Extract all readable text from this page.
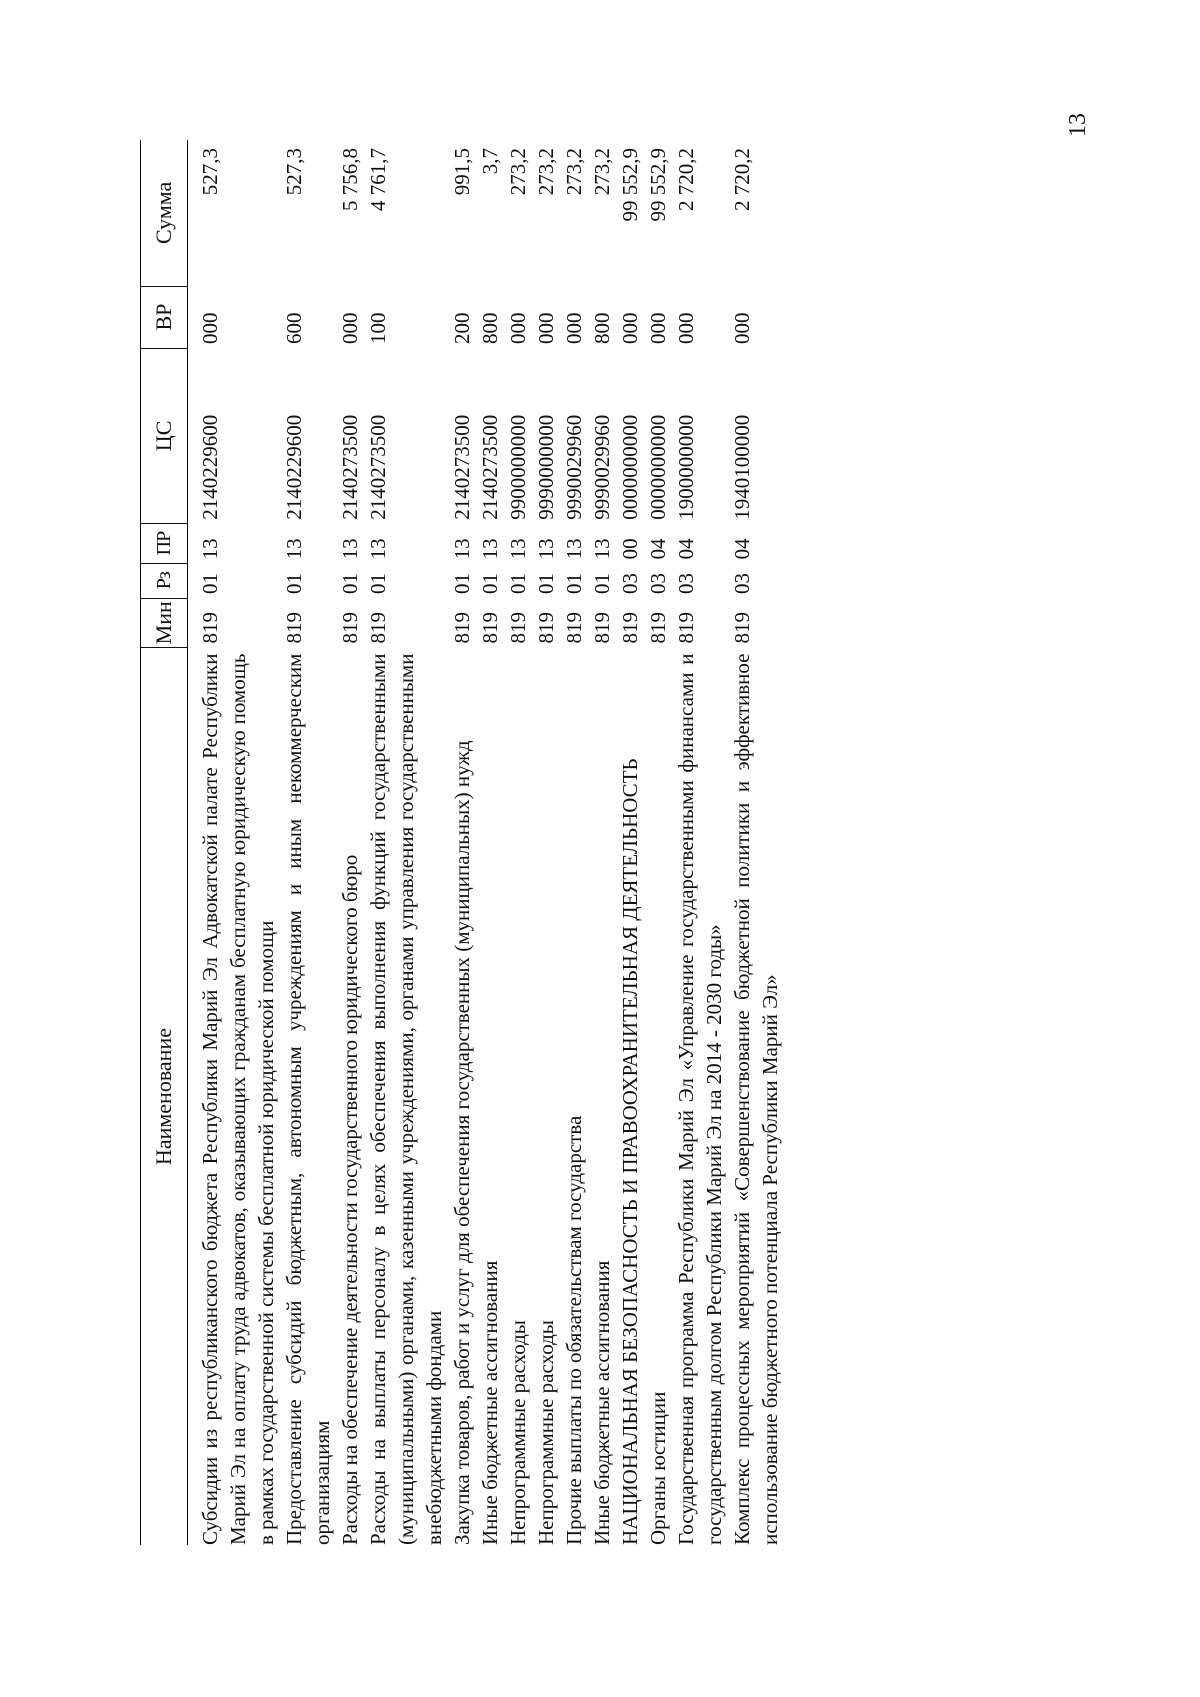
13
Наименование	Мин	Рз	ПР	ЦС	ВР	Сумма
Субсидии из республиканского бюджета Республики Марий Эл Адвокатской палате Республики Марий Эл на оплату труда адвокатов, оказывающих гражданам бесплатную юридическую помощь в рамках государственной системы бесплатной юридической помощи	819	01	13	2140229600	000	527,3
Предоставление субсидий бюджетным, автономным учреждениям и иным некоммерческим организациям	819	01	13	2140229600	600	527,3
Расходы на обеспечение деятельности государственного юридического бюро	819	01	13	2140273500	000	5 756,8
Расходы на выплаты персоналу в целях обеспечения выполнения функций государственными (муниципальными) органами, казенными учреждениями, органами управления государственными внебюджетными фондами	819	01	13	2140273500	100	4 761,7
Закупка товаров, работ и услуг для обеспечения государственных (муниципальных) нужд	819	01	13	2140273500	200	991,5
Иные бюджетные ассигнования	819	01	13	2140273500	800	3,7
Непрограммные расходы	819	01	13	9900000000	000	273,2
Непрограммные расходы	819	01	13	9990000000	000	273,2
Прочие выплаты по обязательствам государства	819	01	13	9990029960	000	273,2
Иные бюджетные ассигнования	819	01	13	9990029960	800	273,2
НАЦИОНАЛЬНАЯ БЕЗОПАСНОСТЬ И ПРАВООХРАНИТЕЛЬНАЯ ДЕЯТЕЛЬНОСТЬ	819	03	00	0000000000	000	99 552,9
Органы юстиции	819	03	04	0000000000	000	99 552,9
Государственная программа Республики Марий Эл «Управление государственными финансами и государственным долгом Республики Марий Эл на 2014 - 2030 годы»	819	03	04	1900000000	000	2 720,2
Комплекс процессных мероприятий «Совершенствование бюджетной политики и эффективное использование бюджетного потенциала Республики Марий Эл»	819	03	04	1940100000	000	2 720,2
